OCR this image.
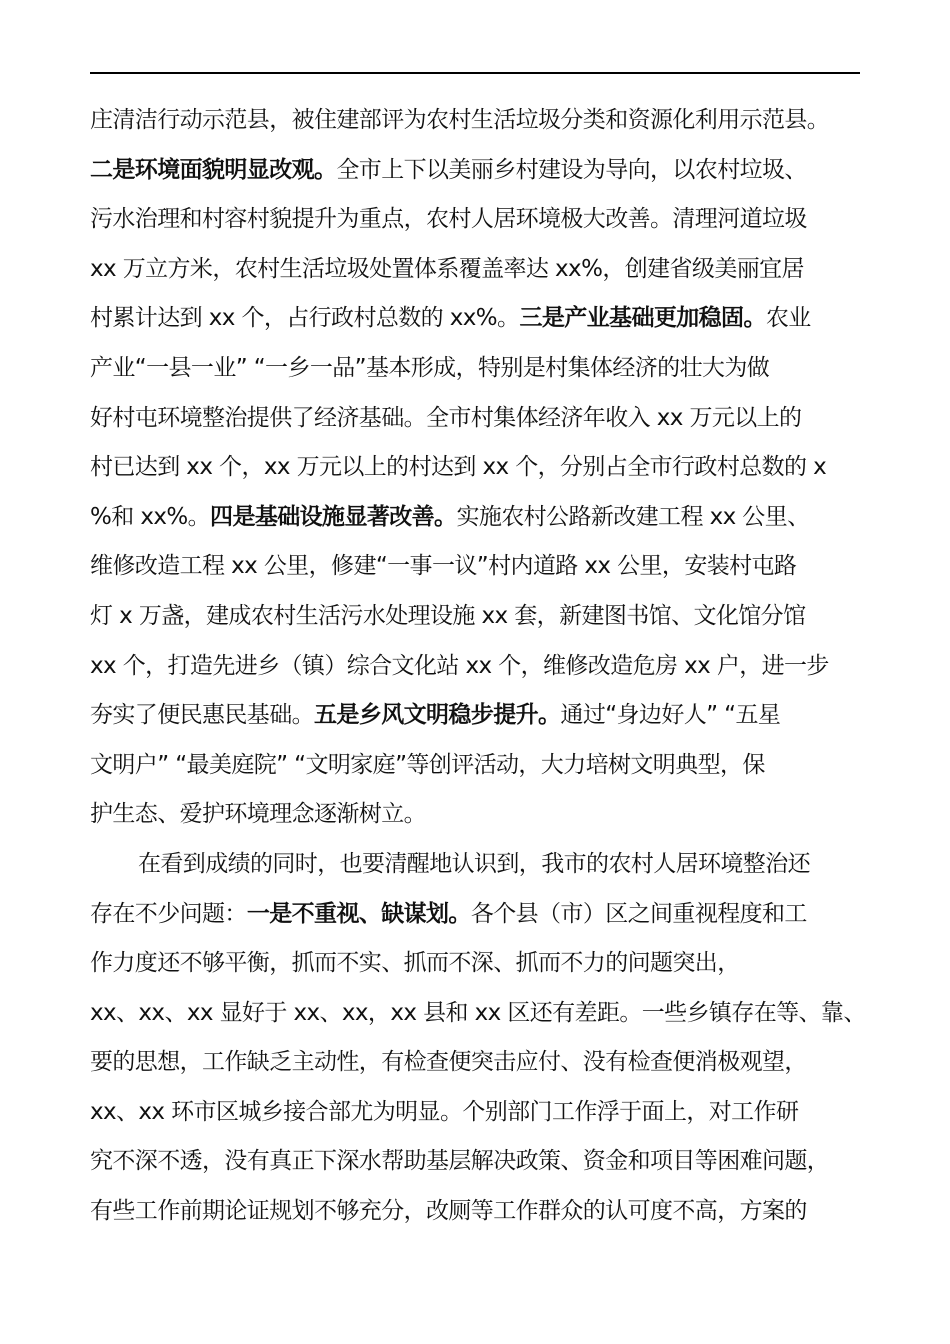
庄清洁行动示范县，被住建部评为农村生活垃圾分类和资源化利用示范县。
二是环境面貌明显改观。全市上下以美丽乡村建设为导向，以农村垃圾、
污水治理和村容村貌提升为重点，农村人居环境极大改善。清理河道垃圾
xx 万立方米，农村生活垃圾处置体系覆盖率达 xx%，创建省级美丽宜居
村累计达到 xx 个，占行政村总数的 xx%。三是产业基础更加稳固。农业
产业“一县一业” “一乡一品”基本形成，特别是村集体经济的壮大为做
好村屯环境整治提供了经济基础。全市村集体经济年收入 xx 万元以上的
村已达到 xx 个，xx 万元以上的村达到 xx 个，分别占全市行政村总数的 x
%和 xx%。四是基础设施显著改善。实施农村公路新改建工程 xx 公里、
维修改造工程 xx 公里，修建“一事一议”村内道路 xx 公里，安装村屯路
灯 x 万盏，建成农村生活污水处理设施 xx 套，新建图书馆、文化馆分馆
xx 个，打造先进乡（镇）综合文化站 xx 个，维修改造危房 xx 户，进一步
夯实了便民惠民基础。五是乡风文明稳步提升。通过“身边好人” “五星
文明户” “最美庭院” “文明家庭”等创评活动，大力培树文明典型，保
护生态、爱护环境理念逐渐树立。
在看到成绩的同时，也要清醒地认识到，我市的农村人居环境整治还
存在不少问题：一是不重视、缺谋划。各个县（市）区之间重视程度和工
作力度还不够平衡，抓而不实、抓而不深、抓而不力的问题突出，
xx、xx、xx 显好于 xx、xx，xx 县和 xx 区还有差距。一些乡镇存在等、靠、
要的思想，工作缺乏主动性，有检查便突击应付、没有检查便消极观望，
xx、xx 环市区城乡接合部尤为明显。个别部门工作浮于面上，对工作研
究不深不透，没有真正下深水帮助基层解决政策、资金和项目等困难问题，
有些工作前期论证规划不够充分，改厕等工作群众的认可度不高，方案的
